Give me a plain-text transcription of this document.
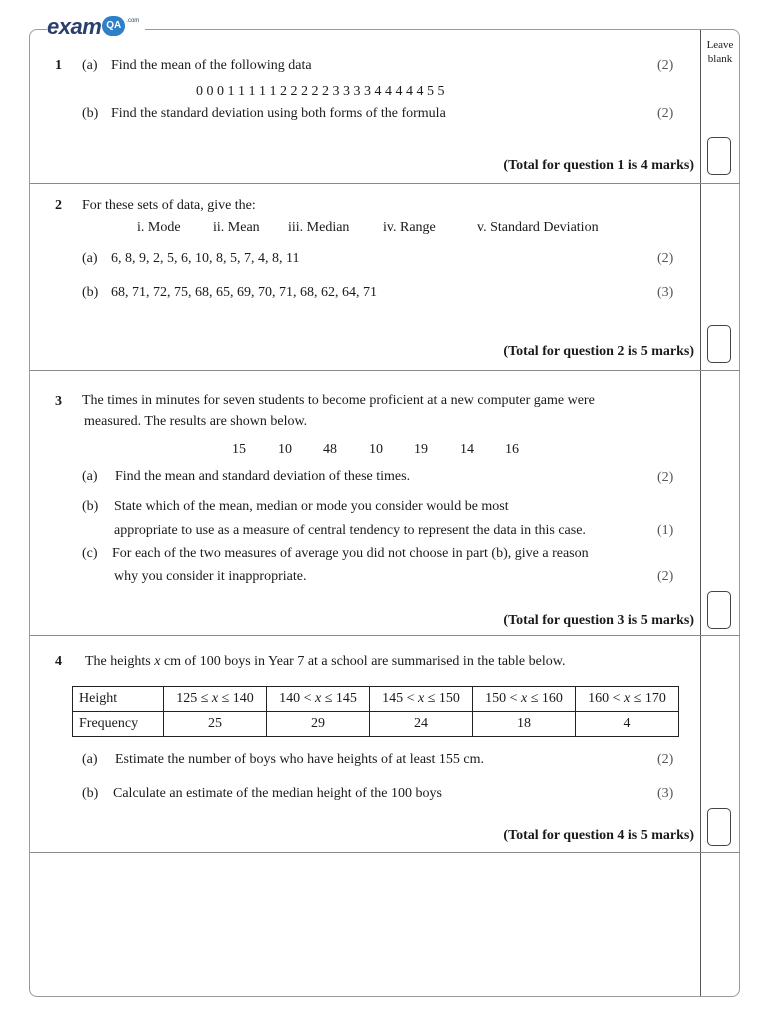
exam QA .com
Leave blank
1 (a) Find the mean of the following data	(2)
0 0 0 1 1 1 1 1 2 2 2 2 2 3 3 3 3 4 4 4 4 4 5 5
(b) Find the standard deviation using both forms of the formula	(2)
(Total for question 1 is 4 marks)
2 For these sets of data, give the:
i. Mode ii. Mean iii. Median iv. Range	v. Standard Deviation
(a) 6, 8, 9, 2, 5, 6, 10, 8, 5, 7, 4, 8, 11	(2)
(b) 68, 71, 72, 75, 68, 65, 69, 70, 71, 68, 62, 64, 71	(3)
(Total for question 2 is 5 marks)
3 The times in minutes for seven students to become proficient at a new computer game were
measured. The results are shown below.
15 10 48 10 19 14 16
(a) Find the mean and standard deviation of these times.	(2)
(b) State which of the mean, median or mode you consider would be most
appropriate to use as a measure of central tendency to represent the data in this case.	(1)
(c) For each of the two measures of average you did not choose in part (b), give a reason
why you consider it inappropriate.	(2)
(Total for question 3 is 5 marks)
4 The heights x cm of 100 boys in Year 7 at a school are summarised in the table below.
Height	125 ≤ x ≤ 140	140 < x ≤ 145	145 < x ≤ 150	150 < x ≤ 160	160 < x ≤ 170
Frequency	25	29	24	18	4
(a) Estimate the number of boys who have heights of at least 155 cm.	(2)
(b) Calculate an estimate of the median height of the 100 boys	(3)
(Total for question 4 is 5 marks)
